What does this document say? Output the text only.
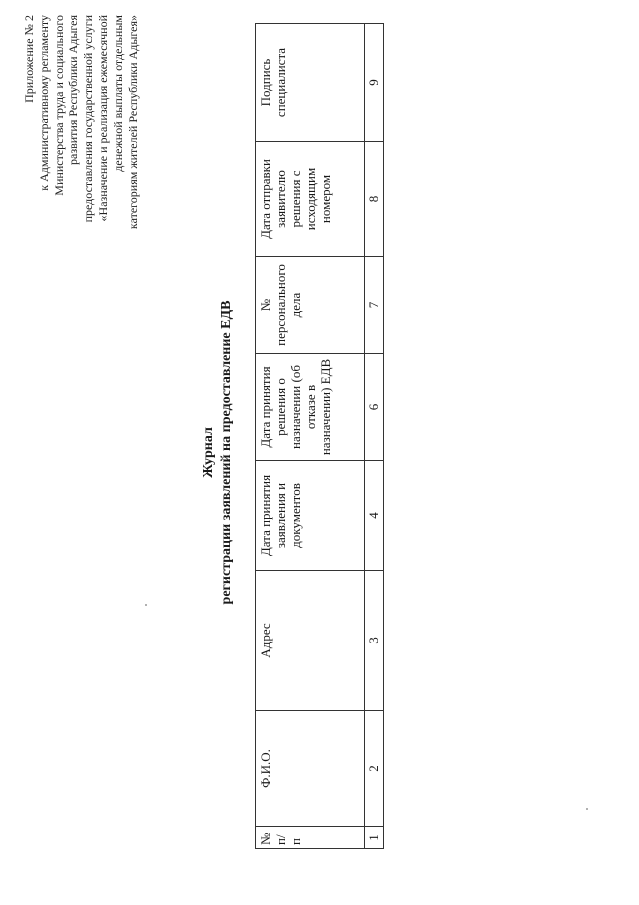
Приложение № 2 к Административному регламенту Министерства труда и социального развития Республики Адыгея предоставления государственной услуги «Назначение и реализация ежемесячной денежной выплаты отдельным категориям жителей Республики Адыгея»
Журнал регистрации заявлений на предоставление ЕДВ
№ п/п	Ф.И.О.	Адрес	Дата принятия заявления и документов	Дата принятия решения о назначении (об отказе в назначении) ЕДВ	№ персонального дела	Дата отправки заявителю решения с исходящим номером	Подпись специалиста
1	2	3	4	6	7	8	9
